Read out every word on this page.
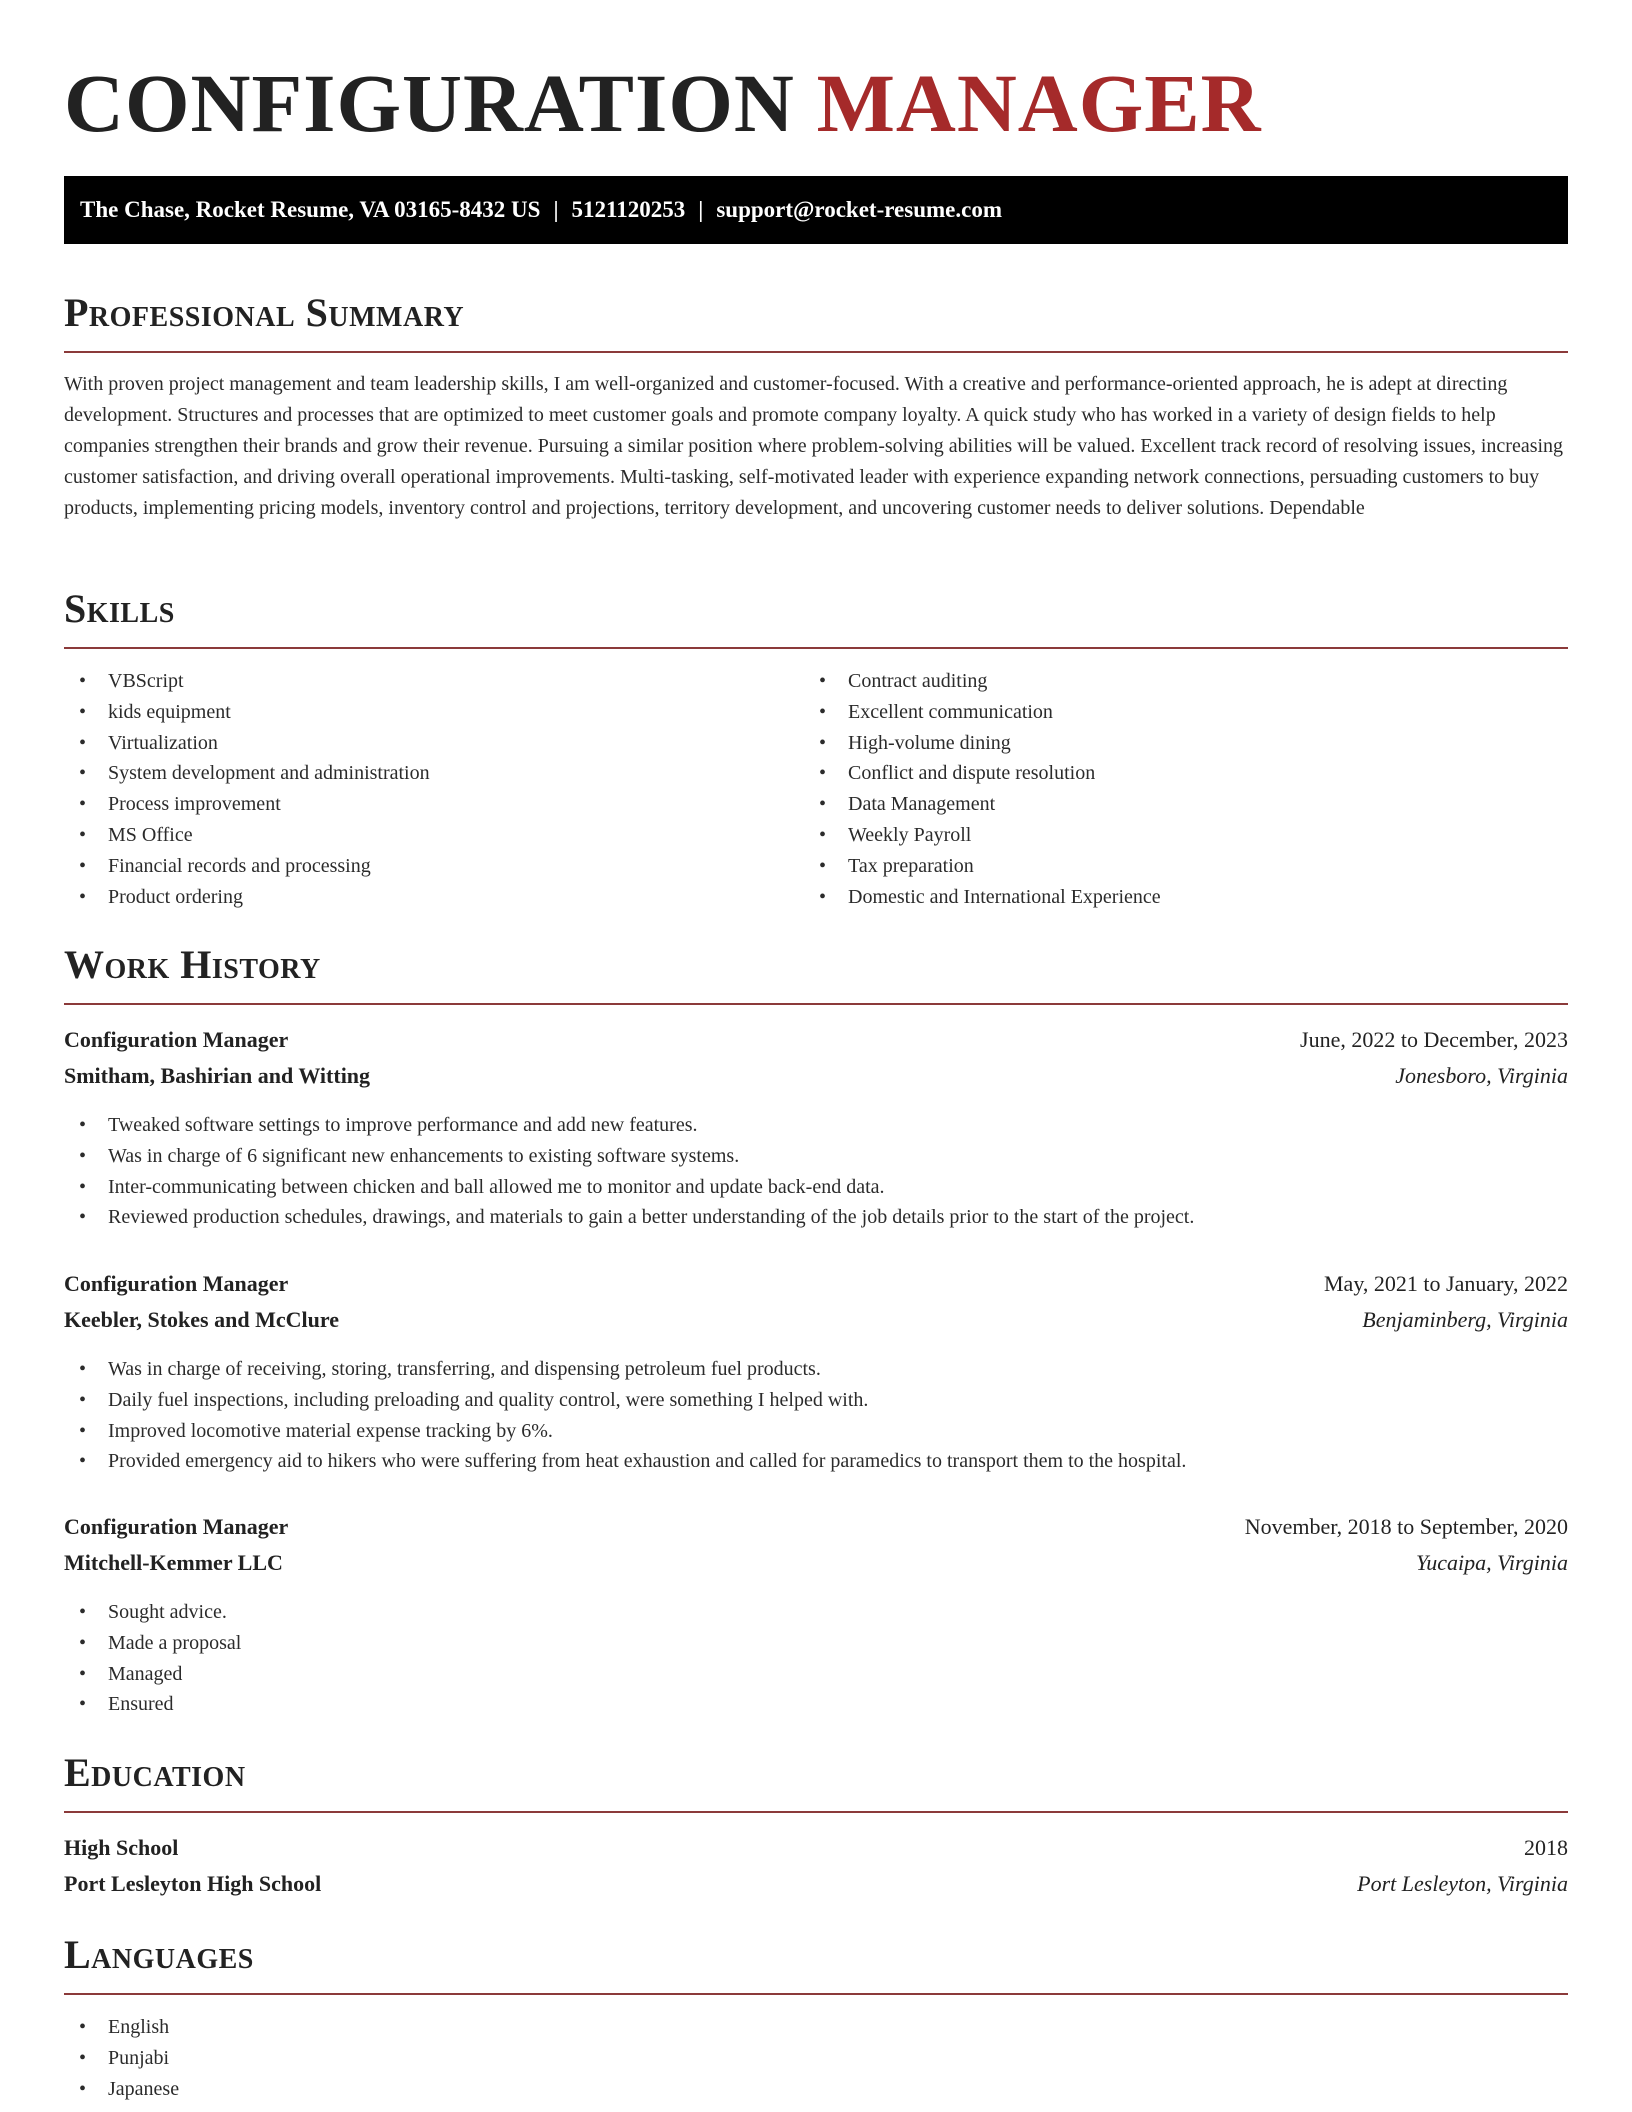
CONFIGURATION MANAGER
The Chase, Rocket Resume, VA 03165-8432 US | 5121120253 | support@rocket-resume.com
Professional Summary

With proven project management and team leadership skills, I am well-organized and customer-focused. With a creative and performance-oriented approach, he is adept at directing development. Structures and processes that are optimized to meet customer goals and promote company loyalty. A quick study who has worked in a variety of design fields to help companies strengthen their brands and grow their revenue. Pursuing a similar position where problem-solving abilities will be valued. Excellent track record of resolving issues, increasing customer satisfaction, and driving overall operational improvements. Multi-tasking, self-motivated leader with experience expanding network connections, persuading customers to buy products, implementing pricing models, inventory control and projections, territory development, and uncovering customer needs to deliver solutions. Dependable

Skills
• VBScript
• kids equipment
• Virtualization
• System development and administration
• Process improvement
• MS Office
• Financial records and processing
• Product ordering
• Contract auditing
• Excellent communication
• High-volume dining
• Conflict and dispute resolution
• Data Management
• Weekly Payroll
• Tax preparation
• Domestic and International Experience
Work History
Configuration Manager	June, 2022 to December, 2023
Smitham, Bashirian and Witting	Jonesboro, Virginia
• Tweaked software settings to improve performance and add new features.
• Was in charge of 6 significant new enhancements to existing software systems.
• Inter-communicating between chicken and ball allowed me to monitor and update back-end data.
• Reviewed production schedules, drawings, and materials to gain a better understanding of the job details prior to the start of the project.
Configuration Manager	May, 2021 to January, 2022
Keebler, Stokes and McClure	Benjaminberg, Virginia
• Was in charge of receiving, storing, transferring, and dispensing petroleum fuel products.
• Daily fuel inspections, including preloading and quality control, were something I helped with.
• Improved locomotive material expense tracking by 6%.
• Provided emergency aid to hikers who were suffering from heat exhaustion and called for paramedics to transport them to the hospital.
Configuration Manager	November, 2018 to September, 2020
Mitchell-Kemmer LLC	Yucaipa, Virginia
• Sought advice.
• Made a proposal
• Managed
• Ensured
Education
High School	2018
Port Lesleyton High School	Port Lesleyton, Virginia
Languages
• English
• Punjabi
• Japanese
